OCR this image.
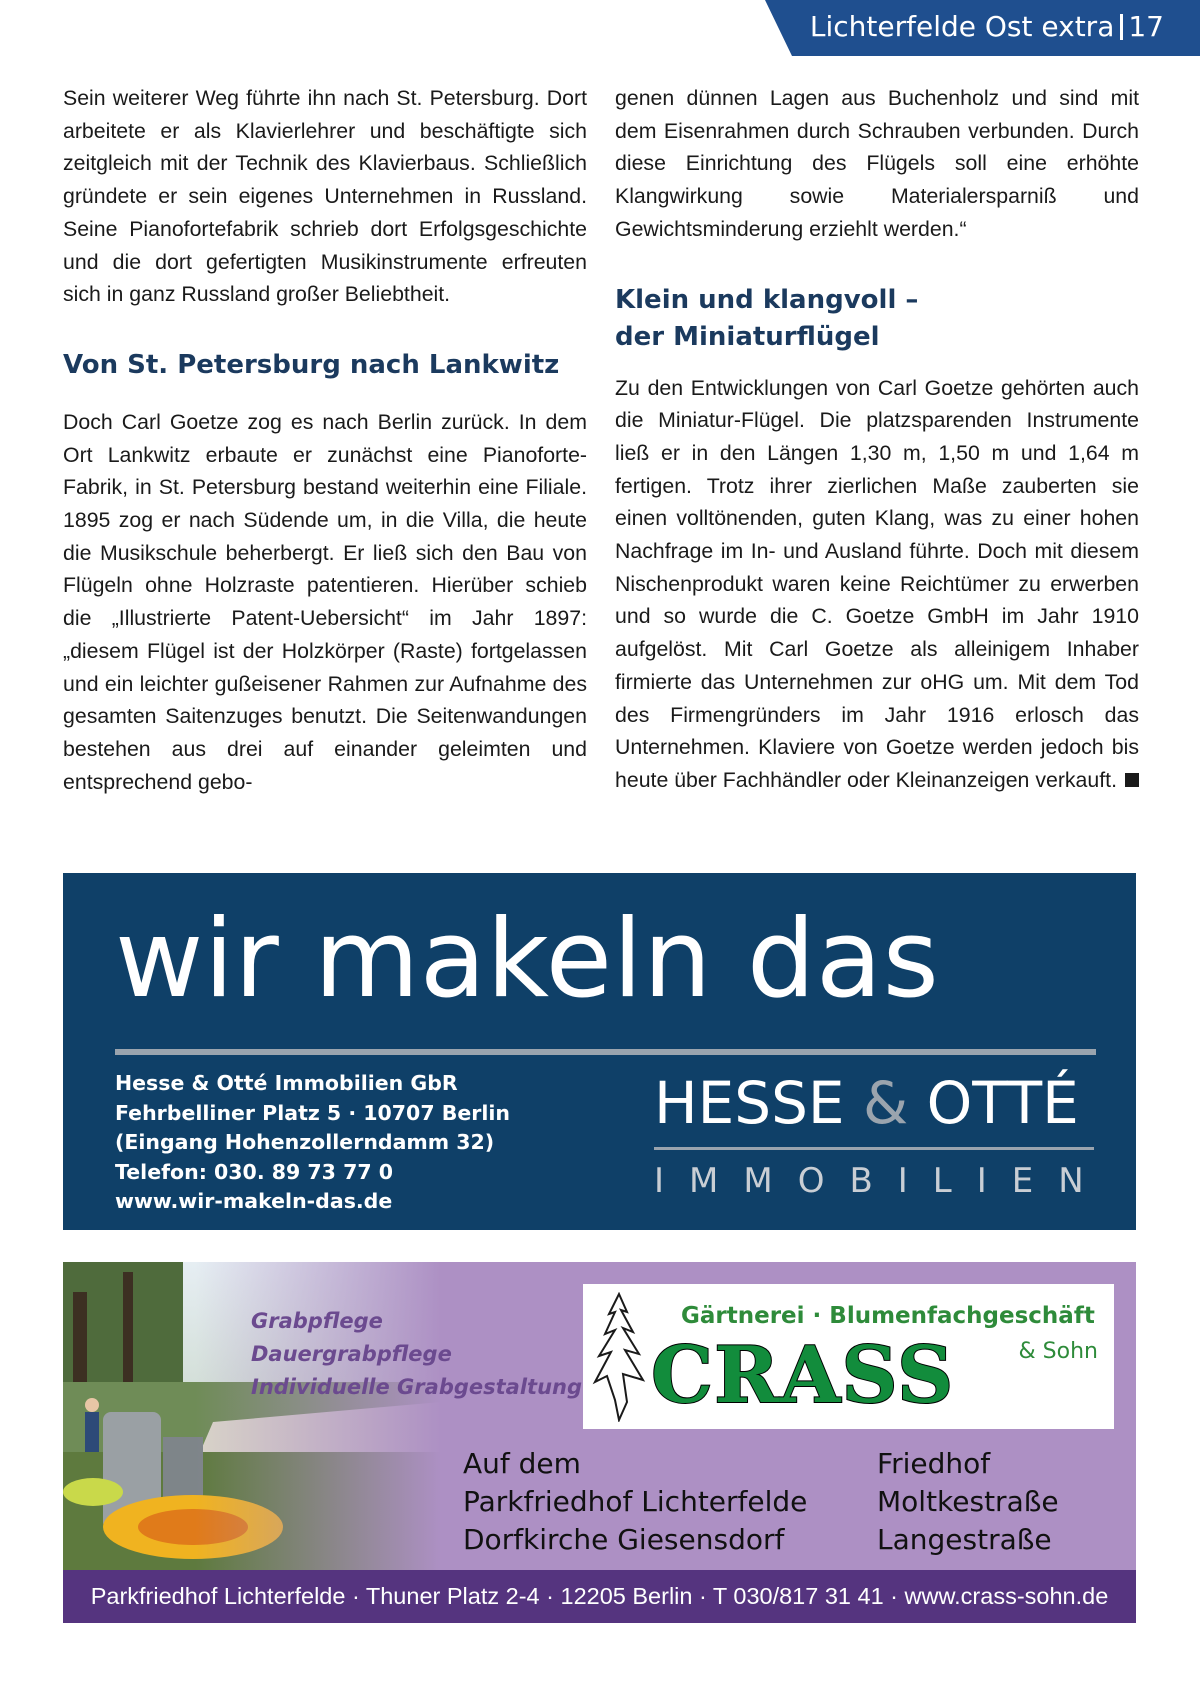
Lichterfelde Ost extra 17

Sein weiterer Weg führte ihn nach St. Petersburg. Dort arbeitete er als Klavierlehrer und beschäftigte sich zeitgleich mit der Technik des Klavierbaus. Schließlich gründete er sein eigenes Unternehmen in Russland. Seine Pianofortefabrik schrieb dort Erfolgsgeschichte und die dort gefertigten Musikinstrumente erfreuten sich in ganz Russland großer Beliebtheit.

Von St. Petersburg nach Lankwitz

Doch Carl Goetze zog es nach Berlin zurück. In dem Ort Lankwitz erbaute er zunächst eine Pianoforte-Fabrik, in St. Petersburg bestand weiterhin eine Filiale. 1895 zog er nach Südende um, in die Villa, die heute die Musikschule beherbergt. Er ließ sich den Bau von Flügeln ohne Holzraste patentieren. Hierüber schieb die „Illustrierte Patent-Uebersicht“ im Jahr 1897: „diesem Flügel ist der Holzkörper (Raste) fortgelassen und ein leichter gußeisener Rahmen zur Aufnahme des gesamten Saitenzuges benutzt. Die Seitenwandungen bestehen aus drei auf einander geleimten und entsprechend gebo-

genen dünnen Lagen aus Buchenholz und sind mit dem Eisenrahmen durch Schrauben verbunden. Durch diese Einrichtung des Flügels soll eine erhöhte Klangwirkung sowie Materialersparniß und Gewichtsminderung erziehlt werden.“

Klein und klangvoll –
der Miniaturflügel

Zu den Entwicklungen von Carl Goetze gehörten auch die Miniatur-Flügel. Die platzsparenden Instrumente ließ er in den Längen 1,30 m, 1,50 m und 1,64 m fertigen. Trotz ihrer zierlichen Maße zauberten sie einen volltönenden, guten Klang, was zu einer hohen Nachfrage im In- und Ausland führte. Doch mit diesem Nischenprodukt waren keine Reichtümer zu erwerben und so wurde die C. Goetze GmbH im Jahr 1910 aufgelöst. Mit Carl Goetze als alleinigem Inhaber firmierte das Unternehmen zur oHG um. Mit dem Tod des Firmengründers im Jahr 1916 erlosch das Unternehmen. Klaviere von Goetze werden jedoch bis heute über Fachhändler oder Kleinanzeigen verkauft.

wir makeln das
Hesse & Otté Immobilien GbR
Fehrbelliner Platz 5 · 10707 Berlin
(Eingang Hohenzollerndamm 32)
Telefon: 030. 89 73 77 0
www.wir-makeln-das.de
HESSE & OTTÉ
IMMOBILIEN
Grabpflege
Dauergrabpflege
Individuelle Grabgestaltung
Gärtnerei · Blumenfachgeschäft
CRASS	& Sohn
Auf dem
Parkfriedhof Lichterfelde
Dorfkirche Giesensdorf
Friedhof
Moltkestraße
Langestraße
Parkfriedhof Lichterfelde · Thuner Platz 2-4 · 12205 Berlin · T 030/817 31 41 · www.crass-sohn.de
